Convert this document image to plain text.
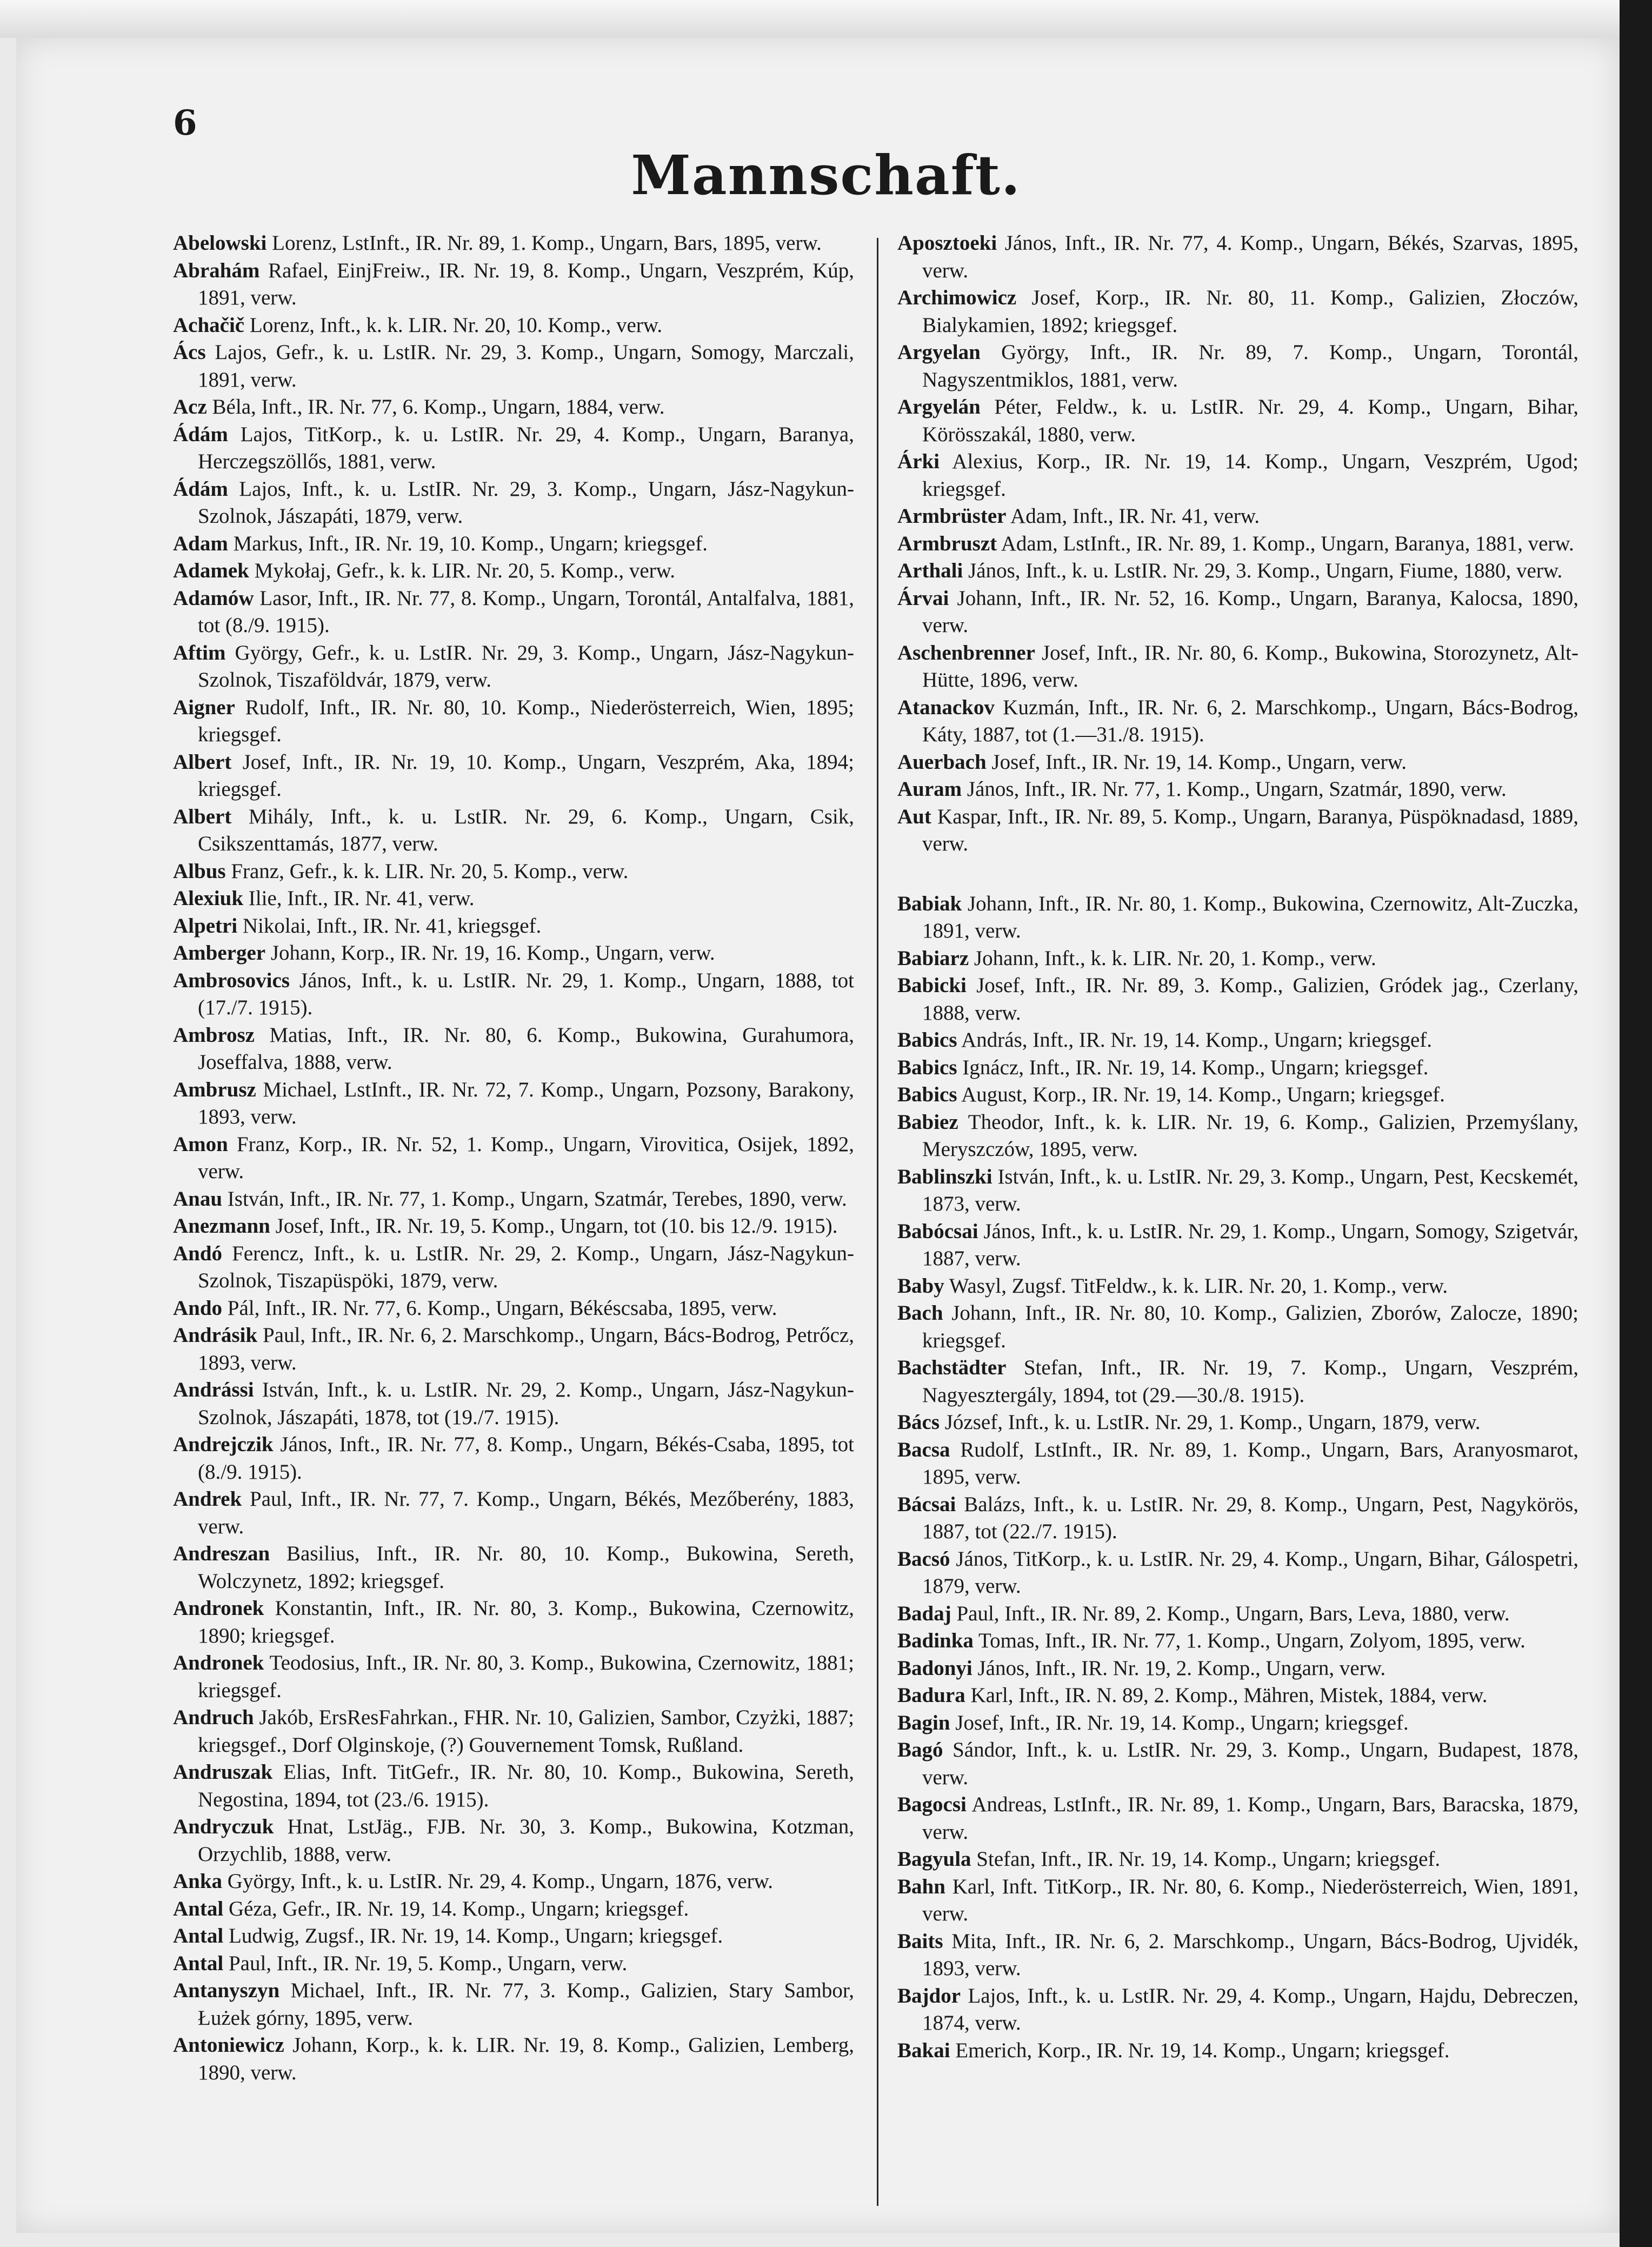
6
Mannschaft.
Abelowski Lorenz, LstInft., IR. Nr. 89, 1. Komp., Ungarn, Bars, 1895, verw.
Abrahám Rafael, EinjFreiw., IR. Nr. 19, 8. Komp., Ungarn, Veszprém, Kúp, 1891, verw.
Achačič Lorenz, Inft., k. k. LIR. Nr. 20, 10. Komp., verw.
Ács Lajos, Gefr., k. u. LstIR. Nr. 29, 3. Komp., Ungarn, Somogy, Marczali, 1891, verw.
Acz Béla, Inft., IR. Nr. 77, 6. Komp., Ungarn, 1884, verw.
Ádám Lajos, TitKorp., k. u. LstIR. Nr. 29, 4. Komp., Ungarn, Baranya, Herczegszöllős, 1881, verw.
Ádám Lajos, Inft., k. u. LstIR. Nr. 29, 3. Komp., Ungarn, Jász-Nagykun-Szolnok, Jászapáti, 1879, verw.
Adam Markus, Inft., IR. Nr. 19, 10. Komp., Ungarn; kriegsgef.
Adamek Mykołaj, Gefr., k. k. LIR. Nr. 20, 5. Komp., verw.
Adamów Lasor, Inft., IR. Nr. 77, 8. Komp., Ungarn, Torontál, Antalfalva, 1881, tot (8./9. 1915).
Aftim György, Gefr., k. u. LstIR. Nr. 29, 3. Komp., Ungarn, Jász-Nagykun-Szolnok, Tiszaföldvár, 1879, verw.
Aigner Rudolf, Inft., IR. Nr. 80, 10. Komp., Niederösterreich, Wien, 1895; kriegsgef.
Albert Josef, Inft., IR. Nr. 19, 10. Komp., Ungarn, Veszprém, Aka, 1894; kriegsgef.
Albert Mihály, Inft., k. u. LstIR. Nr. 29, 6. Komp., Ungarn, Csik, Csikszenttamás, 1877, verw.
Albus Franz, Gefr., k. k. LIR. Nr. 20, 5. Komp., verw.
Alexiuk Ilie, Inft., IR. Nr. 41, verw.
Alpetri Nikolai, Inft., IR. Nr. 41, kriegsgef.
Amberger Johann, Korp., IR. Nr. 19, 16. Komp., Ungarn, verw.
Ambrosovics János, Inft., k. u. LstIR. Nr. 29, 1. Komp., Ungarn, 1888, tot (17./7. 1915).
Ambrosz Matias, Inft., IR. Nr. 80, 6. Komp., Bukowina, Gurahumora, Joseffalva, 1888, verw.
Ambrusz Michael, LstInft., IR. Nr. 72, 7. Komp., Ungarn, Pozsony, Barakony, 1893, verw.
Amon Franz, Korp., IR. Nr. 52, 1. Komp., Ungarn, Virovitica, Osijek, 1892, verw.
Anau István, Inft., IR. Nr. 77, 1. Komp., Ungarn, Szatmár, Terebes, 1890, verw.
Anezmann Josef, Inft., IR. Nr. 19, 5. Komp., Ungarn, tot (10. bis 12./9. 1915).
Andó Ferencz, Inft., k. u. LstIR. Nr. 29, 2. Komp., Ungarn, Jász-Nagykun-Szolnok, Tiszapüspöki, 1879, verw.
Ando Pál, Inft., IR. Nr. 77, 6. Komp., Ungarn, Békéscsaba, 1895, verw.
Andrásik Paul, Inft., IR. Nr. 6, 2. Marschkomp., Ungarn, Bács-Bodrog, Petrőcz, 1893, verw.
Andrássi István, Inft., k. u. LstIR. Nr. 29, 2. Komp., Ungarn, Jász-Nagykun-Szolnok, Jászapáti, 1878, tot (19./7. 1915).
Andrejczik János, Inft., IR. Nr. 77, 8. Komp., Ungarn, Békés-Csaba, 1895, tot (8./9. 1915).
Andrek Paul, Inft., IR. Nr. 77, 7. Komp., Ungarn, Békés, Mezőberény, 1883, verw.
Andreszan Basilius, Inft., IR. Nr. 80, 10. Komp., Bukowina, Sereth, Wolczynetz, 1892; kriegsgef.
Andronek Konstantin, Inft., IR. Nr. 80, 3. Komp., Bukowina, Czernowitz, 1890; kriegsgef.
Andronek Teodosius, Inft., IR. Nr. 80, 3. Komp., Bukowina, Czernowitz, 1881; kriegsgef.
Andruch Jakób, ErsResFahrkan., FHR. Nr. 10, Galizien, Sambor, Czyżki, 1887; kriegsgef., Dorf Olginskoje, (?) Gouvernement Tomsk, Rußland.
Andruszak Elias, Inft. TitGefr., IR. Nr. 80, 10. Komp., Bukowina, Sereth, Negostina, 1894, tot (23./6. 1915).
Andryczuk Hnat, LstJäg., FJB. Nr. 30, 3. Komp., Bukowina, Kotzman, Orzychlib, 1888, verw.
Anka György, Inft., k. u. LstIR. Nr. 29, 4. Komp., Ungarn, 1876, verw.
Antal Géza, Gefr., IR. Nr. 19, 14. Komp., Ungarn; kriegsgef.
Antal Ludwig, Zugsf., IR. Nr. 19, 14. Komp., Ungarn; kriegsgef.
Antal Paul, Inft., IR. Nr. 19, 5. Komp., Ungarn, verw.
Antanyszyn Michael, Inft., IR. Nr. 77, 3. Komp., Galizien, Stary Sambor, Łużek górny, 1895, verw.
Antoniewicz Johann, Korp., k. k. LIR. Nr. 19, 8. Komp., Galizien, Lemberg, 1890, verw.
Aposztoeki János, Inft., IR. Nr. 77, 4. Komp., Ungarn, Békés, Szarvas, 1895, verw.
Archimowicz Josef, Korp., IR. Nr. 80, 11. Komp., Galizien, Złoczów, Bialykamien, 1892; kriegsgef.
Argyelan György, Inft., IR. Nr. 89, 7. Komp., Ungarn, Torontál, Nagyszentmiklos, 1881, verw.
Argyelán Péter, Feldw., k. u. LstIR. Nr. 29, 4. Komp., Ungarn, Bihar, Körösszakál, 1880, verw.
Árki Alexius, Korp., IR. Nr. 19, 14. Komp., Ungarn, Veszprém, Ugod; kriegsgef.
Armbrüster Adam, Inft., IR. Nr. 41, verw.
Armbruszt Adam, LstInft., IR. Nr. 89, 1. Komp., Ungarn, Baranya, 1881, verw.
Arthali János, Inft., k. u. LstIR. Nr. 29, 3. Komp., Ungarn, Fiume, 1880, verw.
Árvai Johann, Inft., IR. Nr. 52, 16. Komp., Ungarn, Baranya, Kalocsa, 1890, verw.
Aschenbrenner Josef, Inft., IR. Nr. 80, 6. Komp., Bukowina, Storozynetz, Alt-Hütte, 1896, verw.
Atanackov Kuzmán, Inft., IR. Nr. 6, 2. Marschkomp., Ungarn, Bács-Bodrog, Káty, 1887, tot (1.—31./8. 1915).
Auerbach Josef, Inft., IR. Nr. 19, 14. Komp., Ungarn, verw.
Auram János, Inft., IR. Nr. 77, 1. Komp., Ungarn, Szatmár, 1890, verw.
Aut Kaspar, Inft., IR. Nr. 89, 5. Komp., Ungarn, Baranya, Püspöknadasd, 1889, verw.
Babiak Johann, Inft., IR. Nr. 80, 1. Komp., Bukowina, Czernowitz, Alt-Zuczka, 1891, verw.
Babiarz Johann, Inft., k. k. LIR. Nr. 20, 1. Komp., verw.
Babicki Josef, Inft., IR. Nr. 89, 3. Komp., Galizien, Gródek jag., Czerlany, 1888, verw.
Babics András, Inft., IR. Nr. 19, 14. Komp., Ungarn; kriegsgef.
Babics Ignácz, Inft., IR. Nr. 19, 14. Komp., Ungarn; kriegsgef.
Babics August, Korp., IR. Nr. 19, 14. Komp., Ungarn; kriegsgef.
Babiez Theodor, Inft., k. k. LIR. Nr. 19, 6. Komp., Galizien, Przemyślany, Meryszczów, 1895, verw.
Bablinszki István, Inft., k. u. LstIR. Nr. 29, 3. Komp., Ungarn, Pest, Kecskemét, 1873, verw.
Babócsai János, Inft., k. u. LstIR. Nr. 29, 1. Komp., Ungarn, Somogy, Szigetvár, 1887, verw.
Baby Wasyl, Zugsf. TitFeldw., k. k. LIR. Nr. 20, 1. Komp., verw.
Bach Johann, Inft., IR. Nr. 80, 10. Komp., Galizien, Zborów, Zalocze, 1890; kriegsgef.
Bachstädter Stefan, Inft., IR. Nr. 19, 7. Komp., Ungarn, Veszprém, Nagyesztergály, 1894, tot (29.—30./8. 1915).
Bács József, Inft., k. u. LstIR. Nr. 29, 1. Komp., Ungarn, 1879, verw.
Bacsa Rudolf, LstInft., IR. Nr. 89, 1. Komp., Ungarn, Bars, Aranyosmarot, 1895, verw.
Bácsai Balázs, Inft., k. u. LstIR. Nr. 29, 8. Komp., Ungarn, Pest, Nagykörös, 1887, tot (22./7. 1915).
Bacsó János, TitKorp., k. u. LstIR. Nr. 29, 4. Komp., Ungarn, Bihar, Gálospetri, 1879, verw.
Badaj Paul, Inft., IR. Nr. 89, 2. Komp., Ungarn, Bars, Leva, 1880, verw.
Badinka Tomas, Inft., IR. Nr. 77, 1. Komp., Ungarn, Zolyom, 1895, verw.
Badonyi János, Inft., IR. Nr. 19, 2. Komp., Ungarn, verw.
Badura Karl, Inft., IR. N. 89, 2. Komp., Mähren, Mistek, 1884, verw.
Bagin Josef, Inft., IR. Nr. 19, 14. Komp., Ungarn; kriegsgef.
Bagó Sándor, Inft., k. u. LstIR. Nr. 29, 3. Komp., Ungarn, Budapest, 1878, verw.
Bagocsi Andreas, LstInft., IR. Nr. 89, 1. Komp., Ungarn, Bars, Baracska, 1879, verw.
Bagyula Stefan, Inft., IR. Nr. 19, 14. Komp., Ungarn; kriegsgef.
Bahn Karl, Inft. TitKorp., IR. Nr. 80, 6. Komp., Niederösterreich, Wien, 1891, verw.
Baits Mita, Inft., IR. Nr. 6, 2. Marschkomp., Ungarn, Bács-Bodrog, Ujvidék, 1893, verw.
Bajdor Lajos, Inft., k. u. LstIR. Nr. 29, 4. Komp., Ungarn, Hajdu, Debreczen, 1874, verw.
Bakai Emerich, Korp., IR. Nr. 19, 14. Komp., Ungarn; kriegsgef.
